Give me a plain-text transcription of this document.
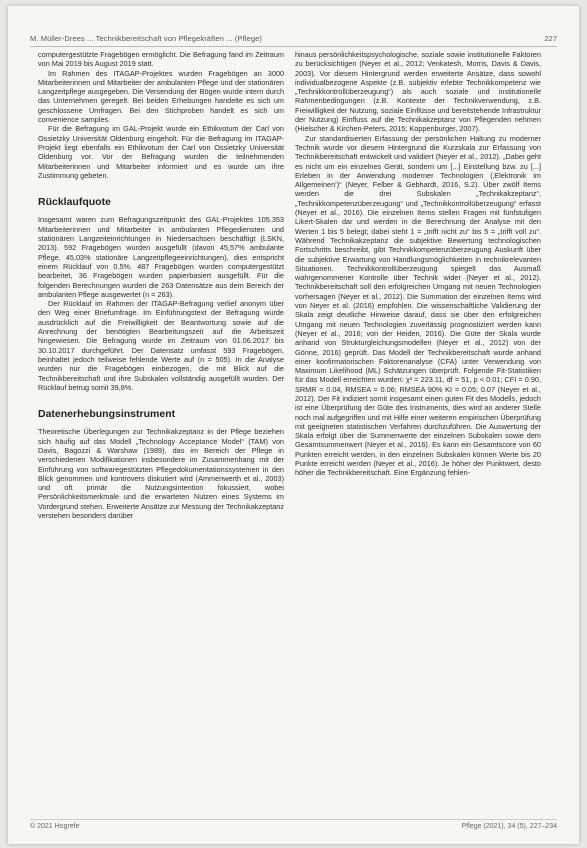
M. Müller-Drees ... Technikbereitschaft von Pflegekräften ... (Pflege)	227

computergestützte Fragebögen ermöglicht. Die Befragung fand im Zeitraum von Mai 2019 bis August 2019 statt.

Im Rahmen des ITAGAP-Projektes wurden Fragebögen an 3000 Mitarbeiterinnen und Mitarbeiter der ambulanten Pflege und der stationären Langzeitpflege ausgegeben. Die Versendung der Bögen wurde intern durch das Unternehmen geregelt. Bei beiden Erhebungen handelte es sich um geschlossene Umfragen. Bei den Stichproben handelt es sich um convenience samples.

Für die Befragung im GAL-Projekt wurde ein Ethikvotum der Carl von Ossietzky Universität Oldenburg eingeholt. Für die Befragung im ITAGAP-Projekt liegt ebenfalls ein Ethikvotum der Carl von Ossietzky Universität Oldenburg vor. Vor der Befragung wurden die teilnehmenden Mitarbeiterinnen und Mitarbeiter informiert und es wurde um ihre Zustimmung gebeten.

Rücklaufquote

Insgesamt waren zum Befragungszeitpunkt des GAL-Projektes 105.353 Mitarbeiterinnen und Mitarbeiter in ambulanten Pflegediensten und stationären Langzeiteinrichtungen in Niedersachsen beschäftigt (LSKN, 2013). 592 Fragebögen wurden ausgefüllt (davon 45,57% ambulante Pflege, 45,03% stationäre Langzeitpflegeeinrichtungen), dies entspricht einem Rücklauf von 0,5%. 487 Fragebögen wurden computergestützt bearbeitet, 36 Fragebögen wurden papierbasiert ausgefüllt. Für die folgenden Berechnungen wurden die 263 Datensätze aus dem Bereich der ambulanten Pflege ausgewertet (n = 263).

Der Rücklauf im Rahmen der ITAGAP-Befragung verlief anonym über den Weg einer Briefumfrage. Im Einführungstext der Befragung wurde ausdrücklich auf die Freiwilligkeit der Beantwortung sowie auf die Anrechnung der benötigten Bearbeitungszeit auf die Arbeitszeit hingewiesen. Die Befragung wurde im Zeitraum von 01.06.2017 bis 30.10.2017 durchgeführt. Der Datensatz umfasst 593 Fragebögen, beinhaltet jedoch teilweise fehlende Werte auf (n = 505). In die Analyse wurden nur die Fragebögen einbezogen, die mit Blick auf die Technikbereitschaft und ihre Subskalen vollständig ausgefüllt wurden. Der Rücklauf betrug somit 39,8%.

Datenerhebungsinstrument

Theoretische Überlegungen zur Technikakzeptanz in der Pflege beziehen sich häufig auf das Modell „Technology Acceptance Model“ (TAM) von Davis, Bagozzi & Warshaw (1989), das im Bereich der Pflege in verschiedenen Modifikationen insbesondere im Zusammenhang mit der Einführung von softwaregestützten Pflegedokumentationssystemen in den Blick genommen und kontrovers diskutiert wird (Ammenwerth et al., 2003) und oft primär die Nutzungsintention fokussiert, wobei Persönlichkeitsmerkmale und die erwarteten Nutzen eines Systems im Vordergrund stehen. Erweiterte Ansätze zur Messung der Technikakzeptanz verstehen besonders darüber

hinaus persönlichkeitspsychologische, soziale sowie institutionelle Faktoren zu berücksichtigen (Neyer et al., 2012; Venkatesh, Morris, Davis & Davis, 2003). Vor diesem Hintergrund werden erweiterte Ansätze, dass sowohl individualbezogene Aspekte (z.B. subjektiv erlebte Technikkompetenz wie „Technikkontrollüberzeugung“) als auch soziale und institutionelle Rahmenbedingungen (z.B. Kontexte der Technikverwendung, z.B. Freiwilligkeit der Nutzung, soziale Einflüsse und bereitstehende Infrastruktur der Nutzung) Einfluss auf die Technikakzeptanz von Pflegenden nehmen (Hielscher & Kirchen-Peters, 2015; Koppenburger, 2007).

Zur standardisierten Erfassung der persönlichen Haltung zu moderner Technik wurde vor diesem Hintergrund die Kurzskala zur Erfassung von Technikbereitschaft entwickelt und validiert (Neyer et al., 2012). „Dabei geht es nicht um ein einzelnes Gerät, sondern um [...] Einstellung bzw. zu [...] Erleben in der Anwendung moderner Technologien (‚Elektronik im Allgemeinen‘)“ (Neyer, Felber & Gebhardt, 2016, S.2). Über zwölf Items werden die drei Subskalen „Technikakzeptanz“, „Technikkompetenzüberzeugung“ und „Technikkontrollüberzeugung“ erfasst (Neyer et al., 2016). Die einzelnen Items stellen Fragen mit fünfstufigen Likert-Skalen dar und werden in die Berechnung der Analyse mit den Werten 1 bis 5 belegt; dabei steht 1 = „trifft nicht zu“ bis 5 = „trifft voll zu“. Während Technikakzeptanz die subjektive Bewertung technologischen Fortschritts beschreibt, gibt Technikkompetenzüberzeugung Auskunft über die subjektive Erwartung von Handlungsmöglichkeiten in technikrelevanten Situationen. Technikkontrollüberzeugung spiegelt das Ausmaß wahrgenommener Kontrolle über Technik wider (Neyer et al., 2012). Technikbereitschaft soll den erfolgreichen Umgang mit neuen Technologien vorhersagen (Neyer et al., 2012). Die Summation der einzelnen Items wird von Neyer et al. (2016) empfohlen. Die wissenschaftliche Validierung der Skala zeigt deutliche Hinweise darauf, dass sie über den erfolgreichen Umgang mit neuen Technologien zuverlässig prognostiziert werden kann (Neyer et al., 2016; von der Heiden, 2016). Die Güte der Skala wurde anhand von Strukturgleichungsmodellen (Neyer et al., 2012) von der Gönne, 2016) geprüft. Das Modell der Technikbereitschaft wurde anhand einer konfirmatorischen Faktorenanalyse (CFA) unter Verwendung von Maximum Likelihood (ML) Schätzungen überprüft. Folgende Fit-Statistiken für das Modell erreichten wurden: χ² = 223.11, df = 51, p < 0.01; CFI = 0.90, SRMR = 0.04, RMSEA = 0.06; RMSEA 90% KI = 0.05; 0.07 (Neyer et al., 2012). Der Fit indiziert somit insgesamt einen guten Fit des Modells, jedoch ist eine Überprüfung der Güte des Instruments, dies wird an anderer Stelle noch mal aufgegriffen und mit Hilfe einer weiteren empirischen Überprüfung mit geeigneten statistischen Verfahren durchzuführen. Die Auswertung der Skala erfolgt über die Summenwerte der einzelnen Subskalen sowie dem Gesamtsummenwert (Neyer et al., 2016). Es kann ein Gesamtscore von 60 Punkten erreicht werden, in den einzelnen Subskalen können Werte bis 20 Punkte erreicht werden (Neyer et al., 2016). Je höher der Punktwert, desto höher die Technikbereitschaft. Eine Ergänzung fehlen-

© 2021 Hogrefe	Pflege (2021), 34 (5), 227–234
